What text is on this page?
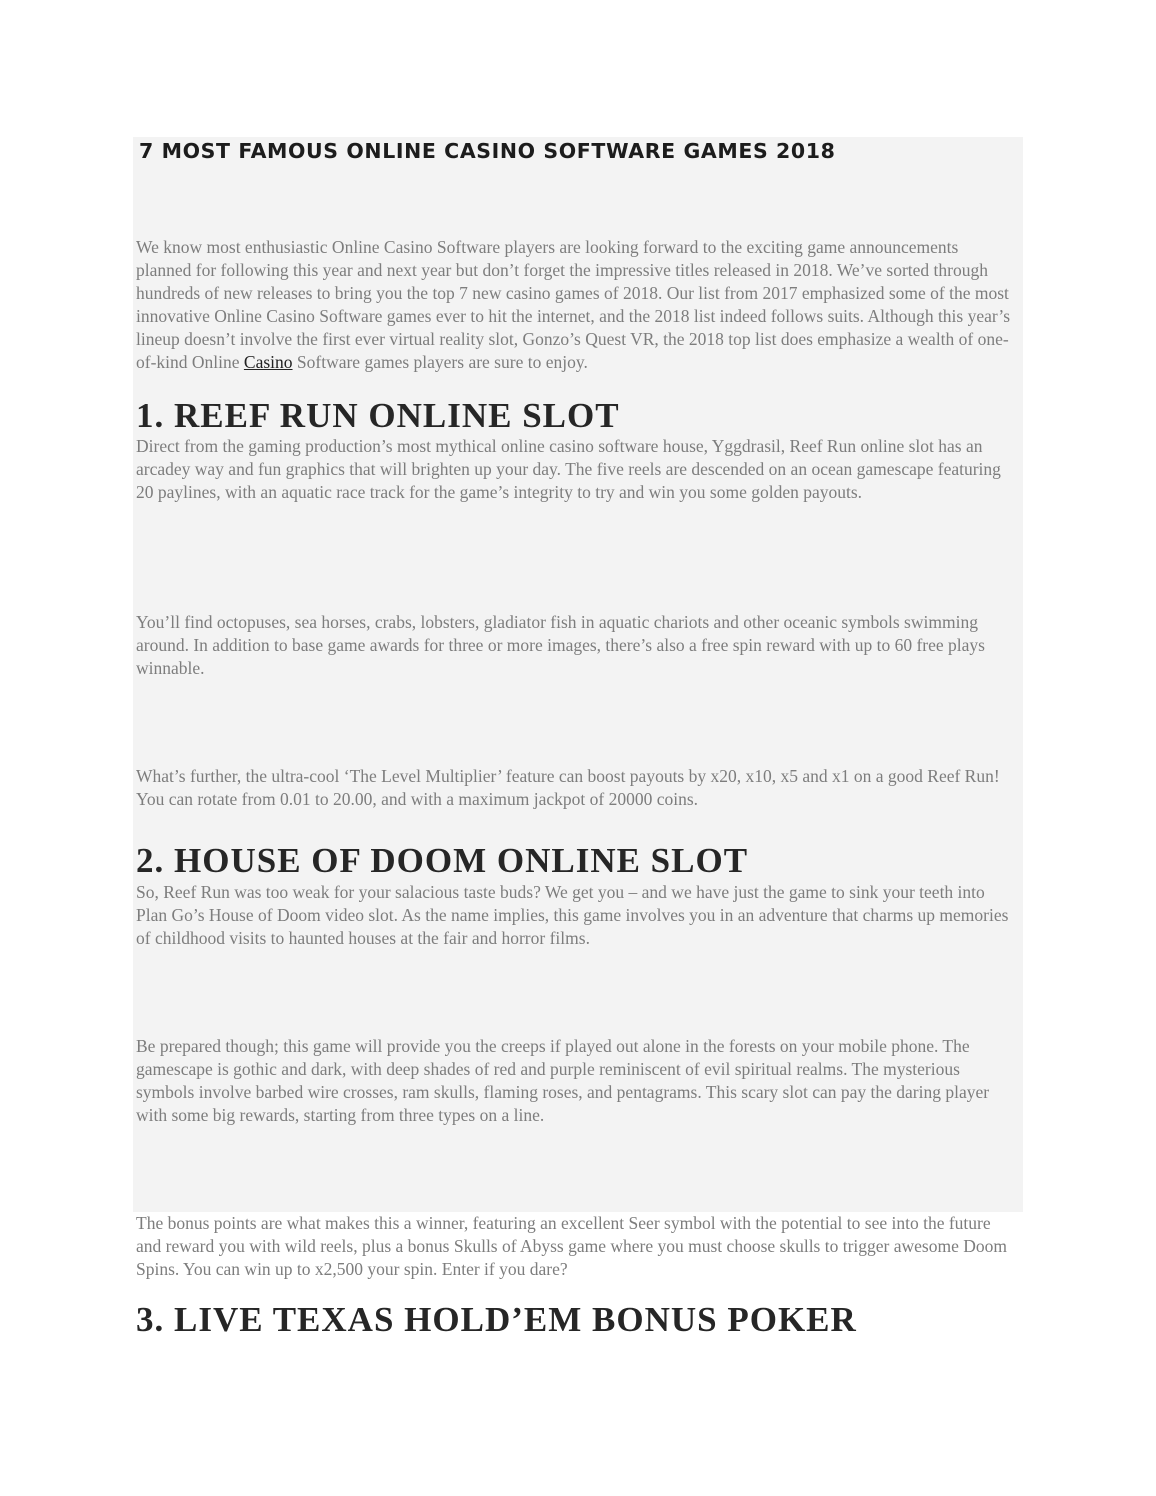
7 MOST FAMOUS ONLINE CASINO SOFTWARE GAMES 2018

We know most enthusiastic Online Casino Software players are looking forward to the exciting game announcements planned for following this year and next year but don’t forget the impressive titles released in 2018. We’ve sorted through hundreds of new releases to bring you the top 7 new casino games of 2018. Our list from 2017 emphasized some of the most innovative Online Casino Software games ever to hit the internet, and the 2018 list indeed follows suits. Although this year’s lineup doesn’t involve the first ever virtual reality slot, Gonzo’s Quest VR, the 2018 top list does emphasize a wealth of one-of-kind Online Casino Software games players are sure to enjoy.

1. REEF RUN ONLINE SLOT

Direct from the gaming production’s most mythical online casino software house, Yggdrasil, Reef Run online slot has an arcadey way and fun graphics that will brighten up your day. The five reels are descended on an ocean gamescape featuring 20 paylines, with an aquatic race track for the game’s integrity to try and win you some golden payouts.

You’ll find octopuses, sea horses, crabs, lobsters, gladiator fish in aquatic chariots and other oceanic symbols swimming around. In addition to base game awards for three or more images, there’s also a free spin reward with up to 60 free plays winnable.

What’s further, the ultra-cool ‘The Level Multiplier’ feature can boost payouts by x20, x10, x5 and x1 on a good Reef Run! You can rotate from 0.01 to 20.00, and with a maximum jackpot of 20000 coins.

2. HOUSE OF DOOM ONLINE SLOT

So, Reef Run was too weak for your salacious taste buds? We get you – and we have just the game to sink your teeth into Plan Go’s House of Doom video slot. As the name implies, this game involves you in an adventure that charms up memories of childhood visits to haunted houses at the fair and horror films.

Be prepared though; this game will provide you the creeps if played out alone in the forests on your mobile phone. The gamescape is gothic and dark, with deep shades of red and purple reminiscent of evil spiritual realms. The mysterious symbols involve barbed wire crosses, ram skulls, flaming roses, and pentagrams. This scary slot can pay the daring player with some big rewards, starting from three types on a line.

The bonus points are what makes this a winner, featuring an excellent Seer symbol with the potential to see into the future and reward you with wild reels, plus a bonus Skulls of Abyss game where you must choose skulls to trigger awesome Doom Spins. You can win up to x2,500 your spin. Enter if you dare?

3. LIVE TEXAS HOLD’EM BONUS POKER
